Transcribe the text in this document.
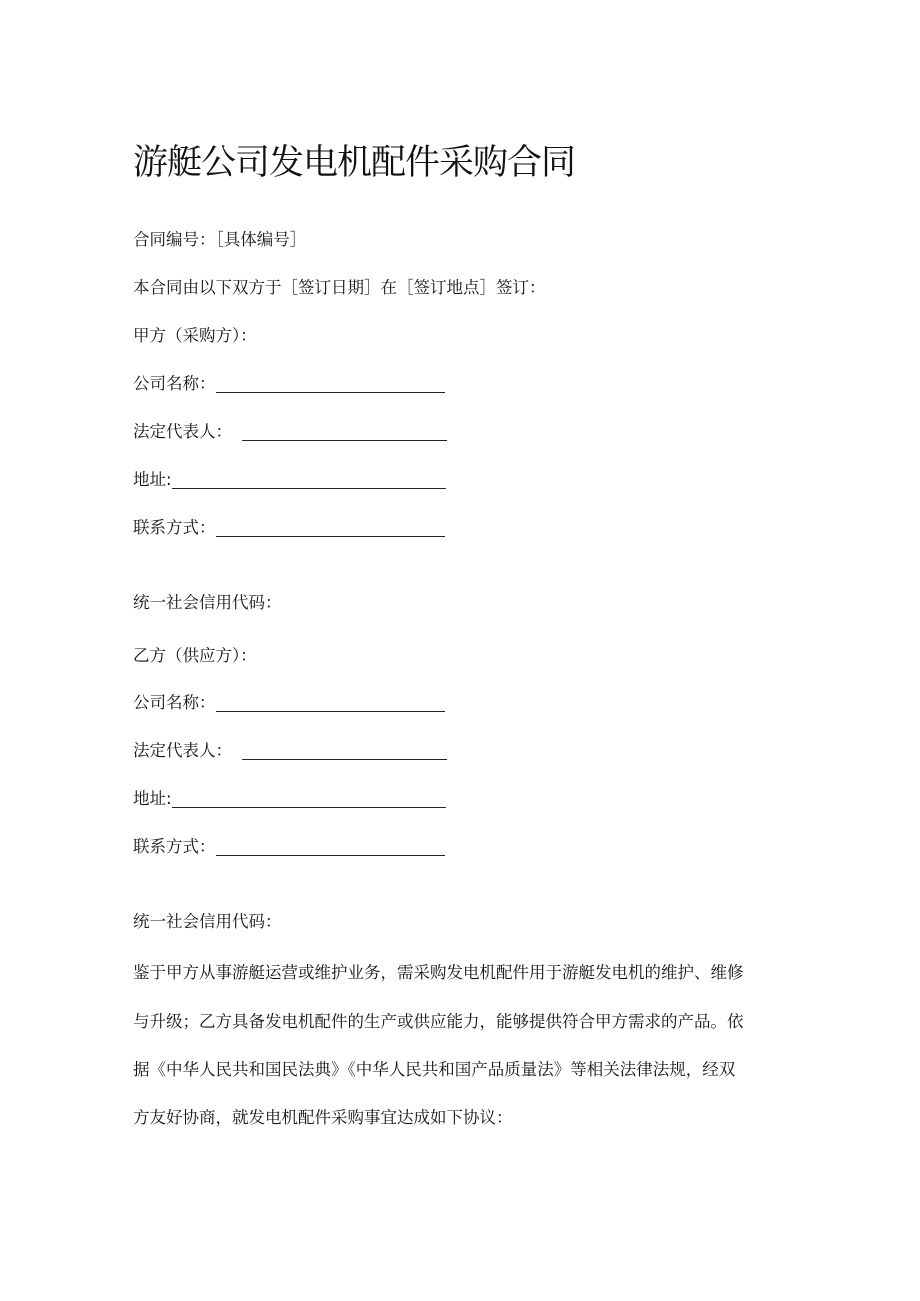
游艇公司发电机配件采购合同
合同编号：［具体编号］
本合同由以下双方于［签订日期］在［签订地点］签订：
甲方（采购方）：
公司名称：
法定代表人：
地址:
联系方式：
统一社会信用代码：
乙方（供应方）：
公司名称：
法定代表人：
地址:
联系方式：
统一社会信用代码：
鉴于甲方从事游艇运营或维护业务，需采购发电机配件用于游艇发电机的维护、维修
与升级；乙方具备发电机配件的生产或供应能力，能够提供符合甲方需求的产品。依
据《中华人民共和国民法典》《中华人民共和国产品质量法》等相关法律法规，经双
方友好协商，就发电机配件采购事宜达成如下协议：
